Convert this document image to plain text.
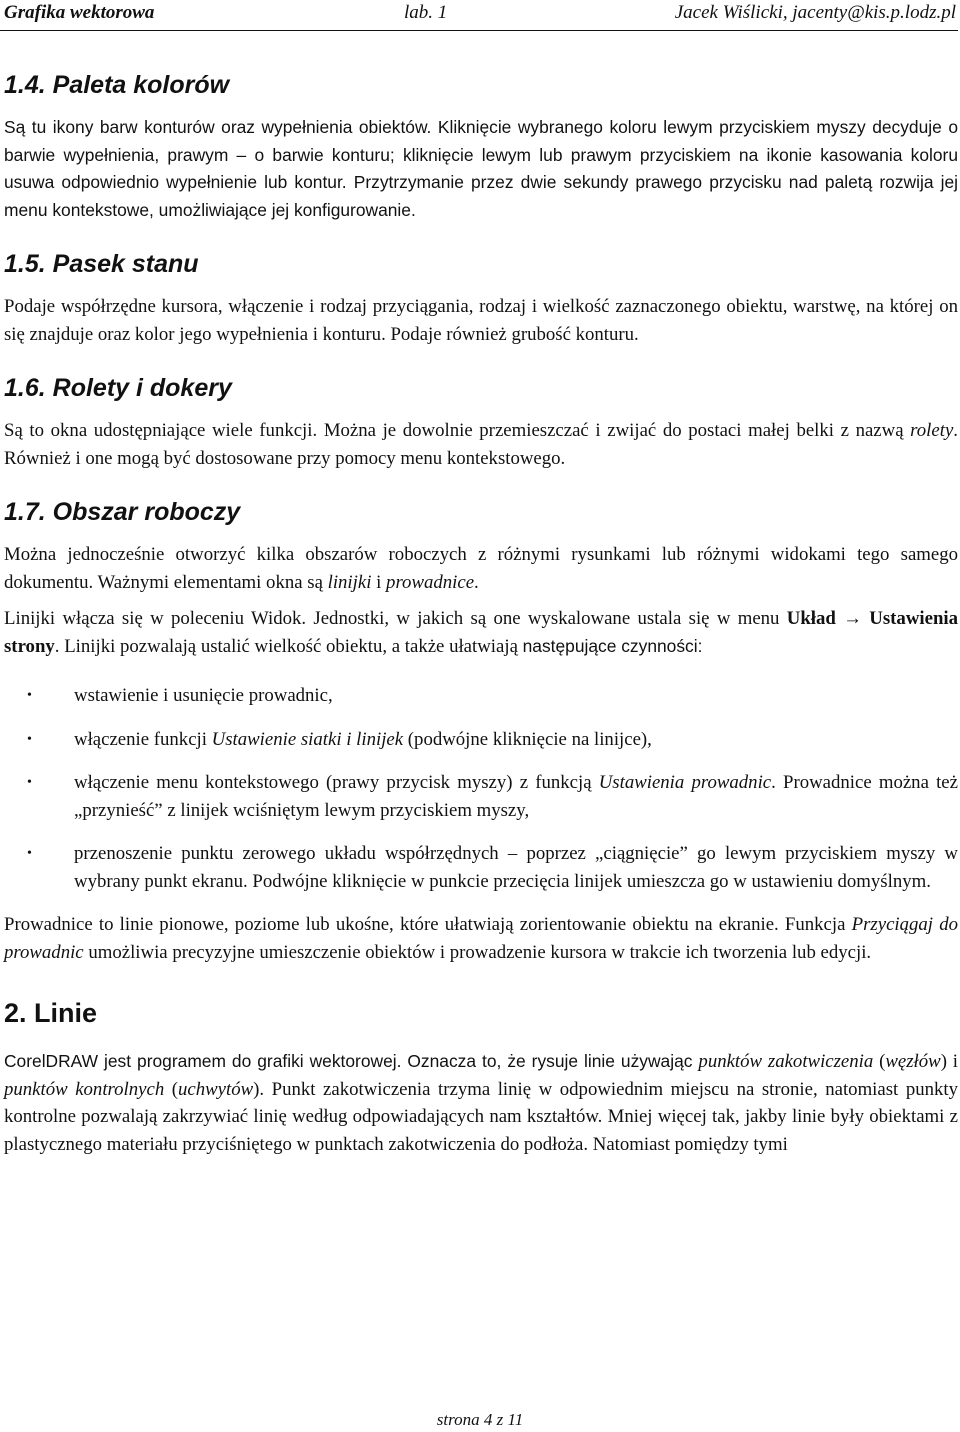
Grafika wektorowa	lab. 1	Jacek Wiślicki, jacenty@kis.p.lodz.pl
1.4. Paleta kolorów

Są tu ikony barw konturów oraz wypełnienia obiektów. Kliknięcie wybranego koloru lewym przyciskiem myszy decyduje o barwie wypełnienia, prawym – o barwie konturu; kliknięcie lewym lub prawym przyciskiem na ikonie kasowania koloru usuwa odpowiednio wypełnienie lub kontur. Przytrzymanie przez dwie sekundy prawego przycisku nad paletą rozwija jej menu kontekstowe, umożliwiające jej konfigurowanie.

1.5. Pasek stanu

Podaje współrzędne kursora, włączenie i rodzaj przyciągania, rodzaj i wielkość zaznaczonego obiektu, warstwę, na której on się znajduje oraz kolor jego wypełnienia i konturu. Podaje również grubość konturu.

1.6. Rolety i dokery

Są to okna udostępniające wiele funkcji. Można je dowolnie przemieszczać i zwijać do postaci małej belki z nazwą rolety. Również i one mogą być dostosowane przy pomocy menu kontekstowego.

1.7. Obszar roboczy

Można jednocześnie otworzyć kilka obszarów roboczych z różnymi rysunkami lub różnymi widokami tego samego dokumentu. Ważnymi elementami okna są linijki i prowadnice.

Linijki włącza się w poleceniu Widok. Jednostki, w jakich są one wyskalowane ustala się w menu Układ → Ustawienia strony. Linijki pozwalają ustalić wielkość obiektu, a także ułatwiają następujące czynności:

• wstawienie i usunięcie prowadnic,
• włączenie funkcji Ustawienie siatki i linijek (podwójne kliknięcie na linijce),
• włączenie menu kontekstowego (prawy przycisk myszy) z funkcją Ustawienia prowadnic. Prowadnice można też „przynieść” z linijek wciśniętym lewym przyciskiem myszy,
• przenoszenie punktu zerowego układu współrzędnych – poprzez „ciągnięcie” go lewym przyciskiem myszy w wybrany punkt ekranu. Podwójne kliknięcie w punkcie przecięcia linijek umieszcza go w ustawieniu domyślnym.

Prowadnice to linie pionowe, poziome lub ukośne, które ułatwiają zorientowanie obiektu na ekranie. Funkcja Przyciągaj do prowadnic umożliwia precyzyjne umieszczenie obiektów i prowadzenie kursora w trakcie ich tworzenia lub edycji.

2. Linie

CorelDRAW jest programem do grafiki wektorowej. Oznacza to, że rysuje linie używając punktów zakotwiczenia (węzłów) i punktów kontrolnych (uchwytów). Punkt zakotwiczenia trzyma linię w odpowiednim miejscu na stronie, natomiast punkty kontrolne pozwalają zakrzywiać linię według odpowiadających nam kształtów. Mniej więcej tak, jakby linie były obiektami z plastycznego materiału przyciśniętego w punktach zakotwiczenia do podłoża. Natomiast pomiędzy tymi

strona 4 z 11
